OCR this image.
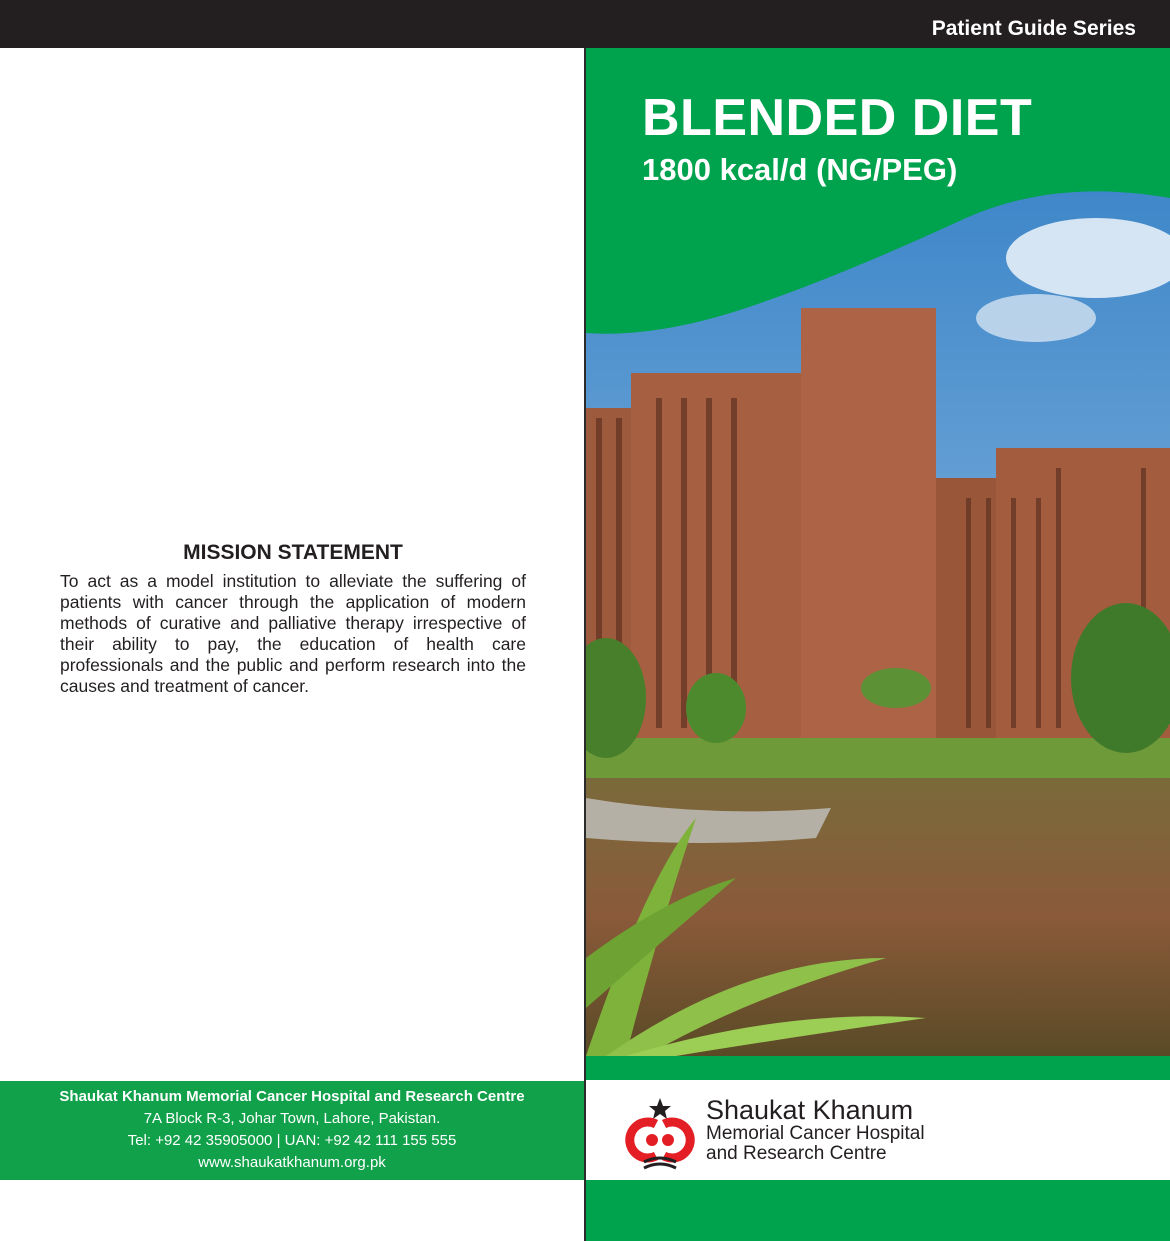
Patient Guide Series
MISSION STATEMENT

To act as a model institution to alleviate the suffering of patients with cancer through the application of modern methods of curative and palliative therapy irrespective of their ability to pay, the education of health care professionals and the public and perform research into the causes and treatment of cancer.

Shaukat Khanum Memorial Cancer Hospital and Research Centre
7A Block R-3, Johar Town, Lahore, Pakistan.
Tel: +92 42 35905000 | UAN: +92 42 111 155 555
www.shaukatkhanum.org.pk
BLENDED DIET
1800 kcal/d (NG/PEG)
Shaukat Khanum
Memorial Cancer Hospital
and Research Centre
